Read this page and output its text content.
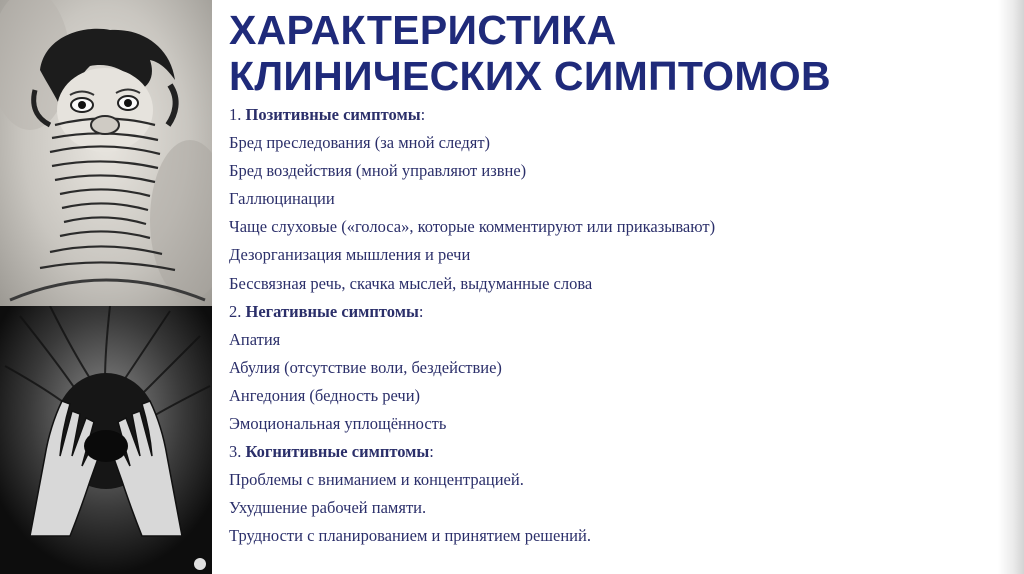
ХАРАКТЕРИСТИКА
КЛИНИЧЕСКИХ СИМПТОМОВ
1. Позитивные симптомы:
Бред преследования (за мной следят)
Бред воздействия (мной управляют извне)
Галлюцинации
Чаще слуховые («голоса», которые комментируют или приказывают)
Дезорганизация мышления и речи
Бессвязная речь, скачка мыслей, выдуманные слова
2. Негативные симптомы:
Апатия
Абулия (отсутствие воли, бездействие)
Ангедония (бедность речи)
Эмоциональная уплощённость
3. Когнитивные симптомы:
Проблемы с вниманием и концентрацией.
Ухудшение рабочей памяти.
Трудности с планированием и принятием решений.
